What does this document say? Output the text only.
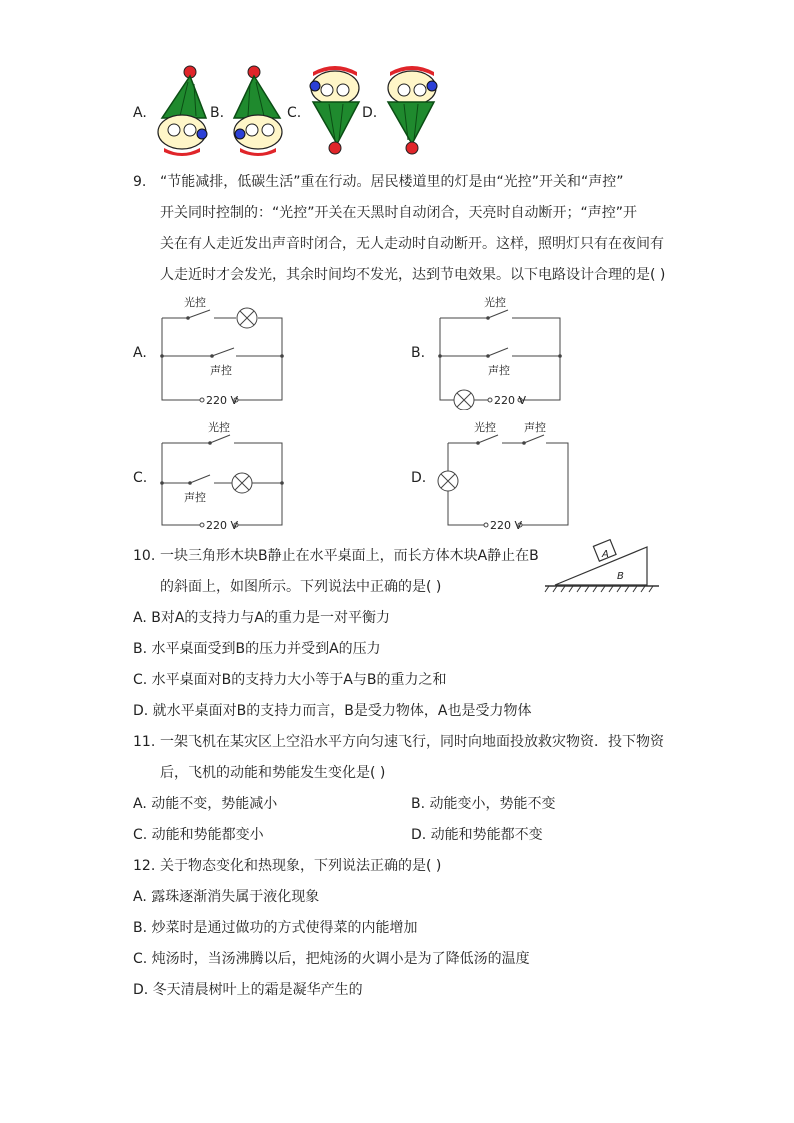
A.	B.	C.	D.
9. “节能减排，低碳生活”重在行动。居民楼道里的灯是由“光控”开关和“声控”
开关同时控制的：“光控”开关在天黑时自动闭合，天亮时自动断开；“声控”开
关在有人走近发出声音时闭合，无人走动时自动断开。这样，照明灯只有在夜间有
人走近时才会发光，其余时间均不发光，达到节电效果。以下电路设计合理的是( )
A.	B.
C.	D.
光控
声控
220 V
光控
声控
220 V
光控
声控
220 V
光控	声控
220 V
10. 一块三角形木块B静止在水平桌面上，而长方体木块A静止在B
的斜面上，如图所示。下列说法中正确的是( )
A
B
A. B对A的支持力与A的重力是一对平衡力
B. 水平桌面受到B的压力并受到A的压力
C. 水平桌面对B的支持力大小等于A与B的重力之和
D. 就水平桌面对B的支持力而言，B是受力物体，A也是受力物体
11. 一架飞机在某灾区上空沿水平方向匀速飞行，同时向地面投放救灾物资．投下物资
后，飞机的动能和势能发生变化是( )
A. 动能不变，势能减小	B. 动能变小，势能不变
C. 动能和势能都变小	D. 动能和势能都不变
12. 关于物态变化和热现象，下列说法正确的是( )
A. 露珠逐渐消失属于液化现象
B. 炒菜时是通过做功的方式使得菜的内能增加
C. 炖汤时，当汤沸腾以后，把炖汤的火调小是为了降低汤的温度
D. 冬天清晨树叶上的霜是凝华产生的
